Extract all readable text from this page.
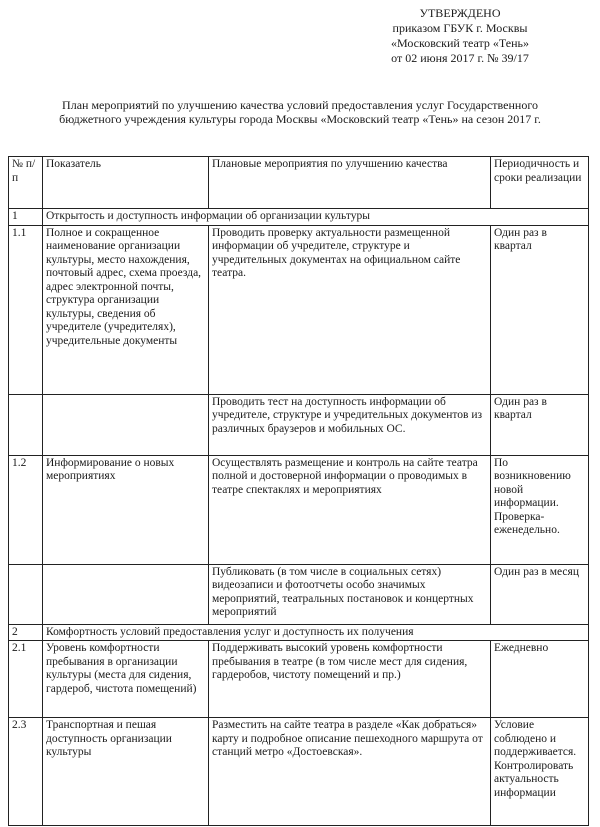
УТВЕРЖДЕНО
приказом ГБУК г. Москвы
«Московский театр «Тень»
от 02 июня 2017 г. № 39/17
План мероприятий по улучшению качества условий предоставления услуг Государственного
бюджетного учреждения культуры города Москвы «Московский театр «Тень» на сезон 2017 г.
№ п/п	Показатель	Плановые мероприятия по улучшению качества	Периодичность и сроки реализации
1	Открытость и доступность информации об организации культуры		
1.1	Полное и сокращенное наименование организации культуры, место нахождения, почтовый адрес, схема проезда, адрес электронной почты, структура организации культуры, сведения об учредителе (учредителях), учредительные документы	Проводить проверку актуальности размещенной информации об учредителе, структуре и учредительных документах на официальном сайте театра.	Один раз в квартал
		Проводить тест на доступность информации об учредителе, структуре и учредительных документов из различных браузеров и мобильных ОС.	Один раз в квартал
1.2	Информирование о новых мероприятиях	Осуществлять размещение и контроль на сайте театра полной и достоверной информации о проводимых в театре спектаклях и мероприятиях	По возникновению новой информации. Проверка-еженедельно.
		Публиковать (в том числе в социальных сетях) видеозаписи и фотоотчеты особо значимых мероприятий, театральных постановок и концертных мероприятий	Один раз в месяц
2	Комфортность условий предоставления услуг и доступность их получения		
2.1	Уровень комфортности пребывания в организации культуры (места для сидения, гардероб, чистота помещений)	Поддерживать высокий уровень комфортности пребывания в театре (в том числе мест для сидения, гардеробов, чистоту помещений и пр.)	Ежедневно
2.3	Транспортная и пешая доступность организации культуры	Разместить на сайте театра в разделе «Как добраться» карту и подробное описание пешеходного маршрута от станций метро «Достоевская».	Условие соблюдено и поддерживается. Контролировать актуальность информации
